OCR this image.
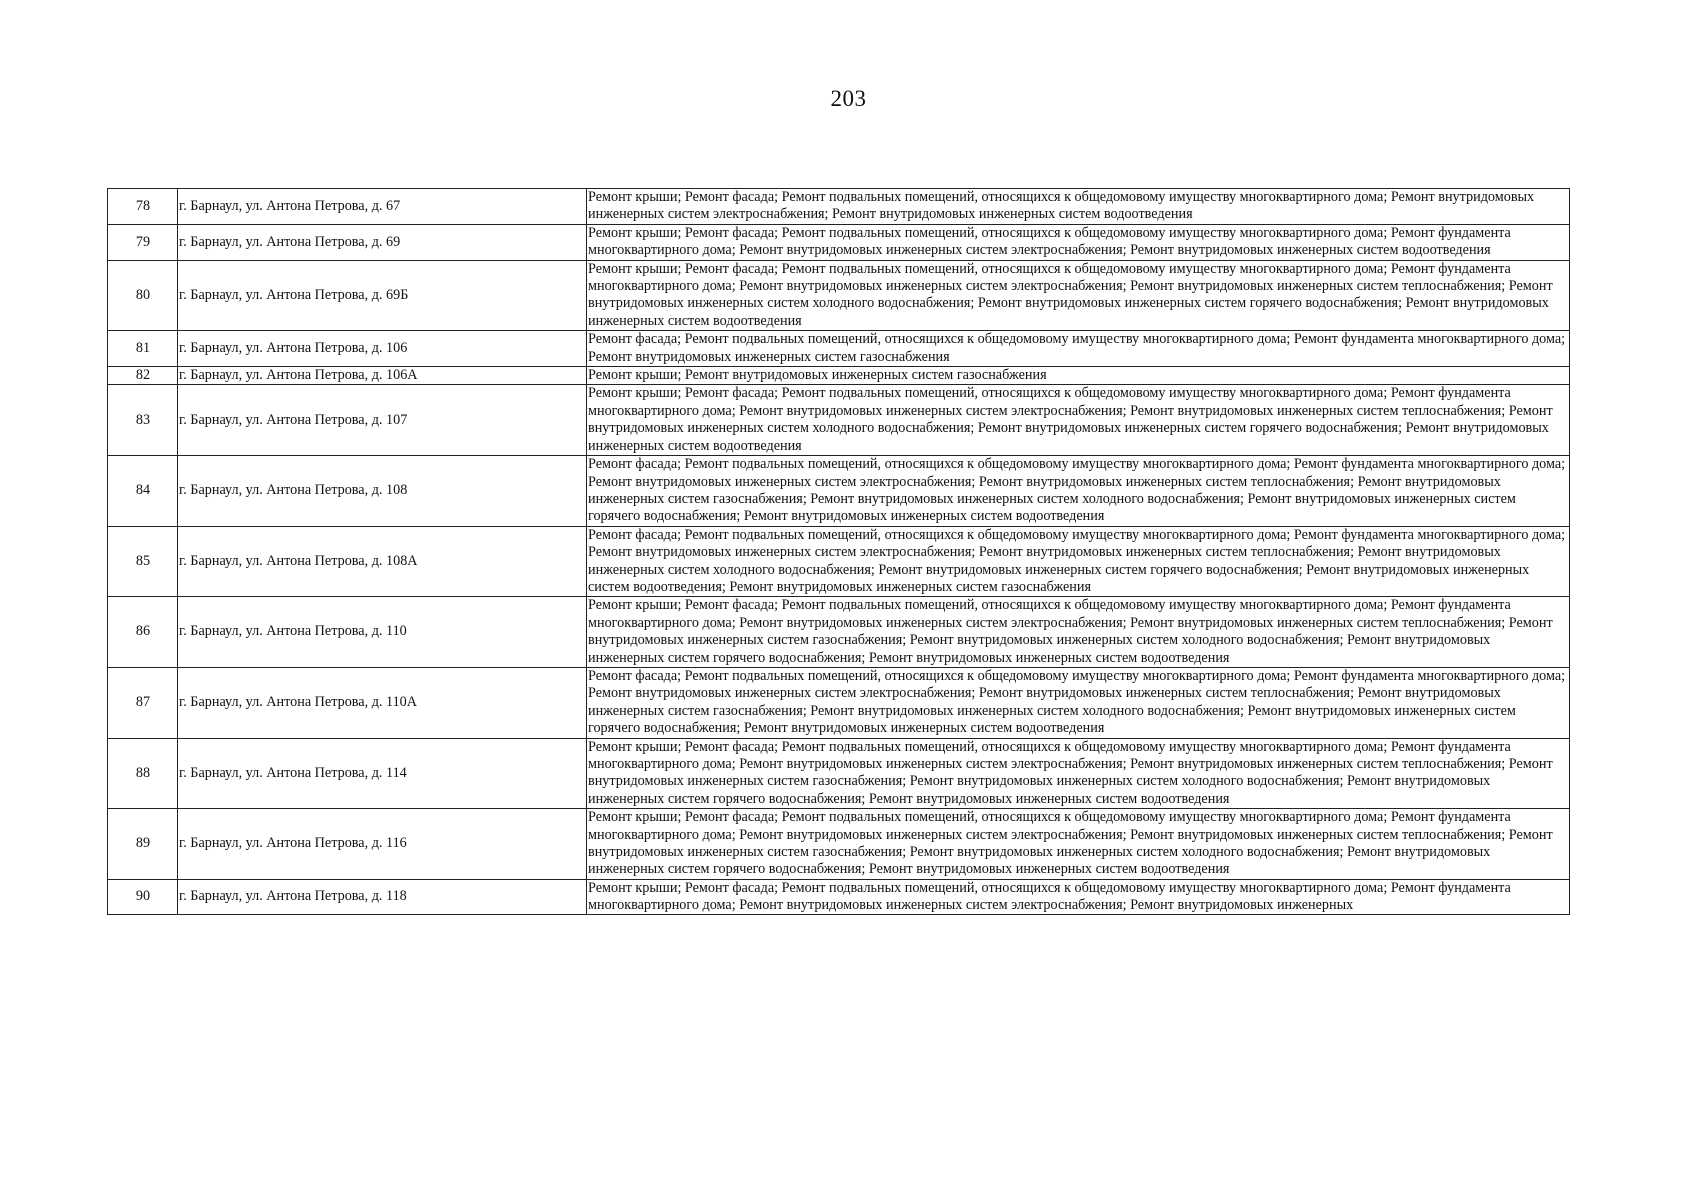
203
78	г. Барнаул, ул. Антона Петрова, д. 67	Ремонт крыши; Ремонт фасада; Ремонт подвальных помещений, относящихся к общедомовому имуществу многоквартирного дома; Ремонт внутридомовых инженерных систем электроснабжения; Ремонт внутридомовых инженерных систем водоотведения

79	г. Барнаул, ул. Антона Петрова, д. 69	Ремонт крыши; Ремонт фасада; Ремонт подвальных помещений, относящихся к общедомовому имуществу многоквартирного дома; Ремонт фундамента многоквартирного дома; Ремонт внутридомовых инженерных систем электроснабжения; Ремонт внутридомовых инженерных систем водоотведения

80	г. Барнаул, ул. Антона Петрова, д. 69Б	Ремонт крыши; Ремонт фасада; Ремонт подвальных помещений, относящихся к общедомовому имуществу многоквартирного дома; Ремонт фундамента многоквартирного дома; Ремонт внутридомовых инженерных систем электроснабжения; Ремонт внутридомовых инженерных систем теплоснабжения; Ремонт внутридомовых инженерных систем холодного водоснабжения; Ремонт внутридомовых инженерных систем горячего водоснабжения; Ремонт внутридомовых инженерных систем водоотведения

81	г. Барнаул, ул. Антона Петрова, д. 106	Ремонт фасада; Ремонт подвальных помещений, относящихся к общедомовому имуществу многоквартирного дома; Ремонт фундамента многоквартирного дома; Ремонт внутридомовых инженерных систем газоснабжения

82	г. Барнаул, ул. Антона Петрова, д. 106А	Ремонт крыши; Ремонт внутридомовых инженерных систем газоснабжения

83	г. Барнаул, ул. Антона Петрова, д. 107	Ремонт крыши; Ремонт фасада; Ремонт подвальных помещений, относящихся к общедомовому имуществу многоквартирного дома; Ремонт фундамента многоквартирного дома; Ремонт внутридомовых инженерных систем электроснабжения; Ремонт внутридомовых инженерных систем теплоснабжения; Ремонт внутридомовых инженерных систем холодного водоснабжения; Ремонт внутридомовых инженерных систем горячего водоснабжения; Ремонт внутридомовых инженерных систем водоотведения

84	г. Барнаул, ул. Антона Петрова, д. 108	Ремонт фасада; Ремонт подвальных помещений, относящихся к общедомовому имуществу многоквартирного дома; Ремонт фундамента многоквартирного дома; Ремонт внутридомовых инженерных систем электроснабжения; Ремонт внутридомовых инженерных систем теплоснабжения; Ремонт внутридомовых инженерных систем газоснабжения; Ремонт внутридомовых инженерных систем холодного водоснабжения; Ремонт внутридомовых инженерных систем горячего водоснабжения; Ремонт внутридомовых инженерных систем водоотведения

85	г. Барнаул, ул. Антона Петрова, д. 108А	Ремонт фасада; Ремонт подвальных помещений, относящихся к общедомовому имуществу многоквартирного дома; Ремонт фундамента многоквартирного дома; Ремонт внутридомовых инженерных систем электроснабжения; Ремонт внутридомовых инженерных систем теплоснабжения; Ремонт внутридомовых инженерных систем холодного водоснабжения; Ремонт внутридомовых инженерных систем горячего водоснабжения; Ремонт внутридомовых инженерных систем водоотведения; Ремонт внутридомовых инженерных систем газоснабжения

86	г. Барнаул, ул. Антона Петрова, д. 110	Ремонт крыши; Ремонт фасада; Ремонт подвальных помещений, относящихся к общедомовому имуществу многоквартирного дома; Ремонт фундамента многоквартирного дома; Ремонт внутридомовых инженерных систем электроснабжения; Ремонт внутридомовых инженерных систем теплоснабжения; Ремонт внутридомовых инженерных систем газоснабжения; Ремонт внутридомовых инженерных систем холодного водоснабжения; Ремонт внутридомовых инженерных систем горячего водоснабжения; Ремонт внутридомовых инженерных систем водоотведения

87	г. Барнаул, ул. Антона Петрова, д. 110А	Ремонт фасада; Ремонт подвальных помещений, относящихся к общедомовому имуществу многоквартирного дома; Ремонт фундамента многоквартирного дома; Ремонт внутридомовых инженерных систем электроснабжения; Ремонт внутридомовых инженерных систем теплоснабжения; Ремонт внутридомовых инженерных систем газоснабжения; Ремонт внутридомовых инженерных систем холодного водоснабжения; Ремонт внутридомовых инженерных систем горячего водоснабжения; Ремонт внутридомовых инженерных систем водоотведения

88	г. Барнаул, ул. Антона Петрова, д. 114	Ремонт крыши; Ремонт фасада; Ремонт подвальных помещений, относящихся к общедомовому имуществу многоквартирного дома; Ремонт фундамента многоквартирного дома; Ремонт внутридомовых инженерных систем электроснабжения; Ремонт внутридомовых инженерных систем теплоснабжения; Ремонт внутридомовых инженерных систем газоснабжения; Ремонт внутридомовых инженерных систем холодного водоснабжения; Ремонт внутридомовых инженерных систем горячего водоснабжения; Ремонт внутридомовых инженерных систем водоотведения

89	г. Барнаул, ул. Антона Петрова, д. 116	Ремонт крыши; Ремонт фасада; Ремонт подвальных помещений, относящихся к общедомовому имуществу многоквартирного дома; Ремонт фундамента многоквартирного дома; Ремонт внутридомовых инженерных систем электроснабжения; Ремонт внутридомовых инженерных систем теплоснабжения; Ремонт внутридомовых инженерных систем газоснабжения; Ремонт внутридомовых инженерных систем холодного водоснабжения; Ремонт внутридомовых инженерных систем горячего водоснабжения; Ремонт внутридомовых инженерных систем водоотведения

90	г. Барнаул, ул. Антона Петрова, д. 118	Ремонт крыши; Ремонт фасада; Ремонт подвальных помещений, относящихся к общедомовому имуществу многоквартирного дома; Ремонт фундамента многоквартирного дома; Ремонт внутридомовых инженерных систем электроснабжения; Ремонт внутридомовых инженерных
